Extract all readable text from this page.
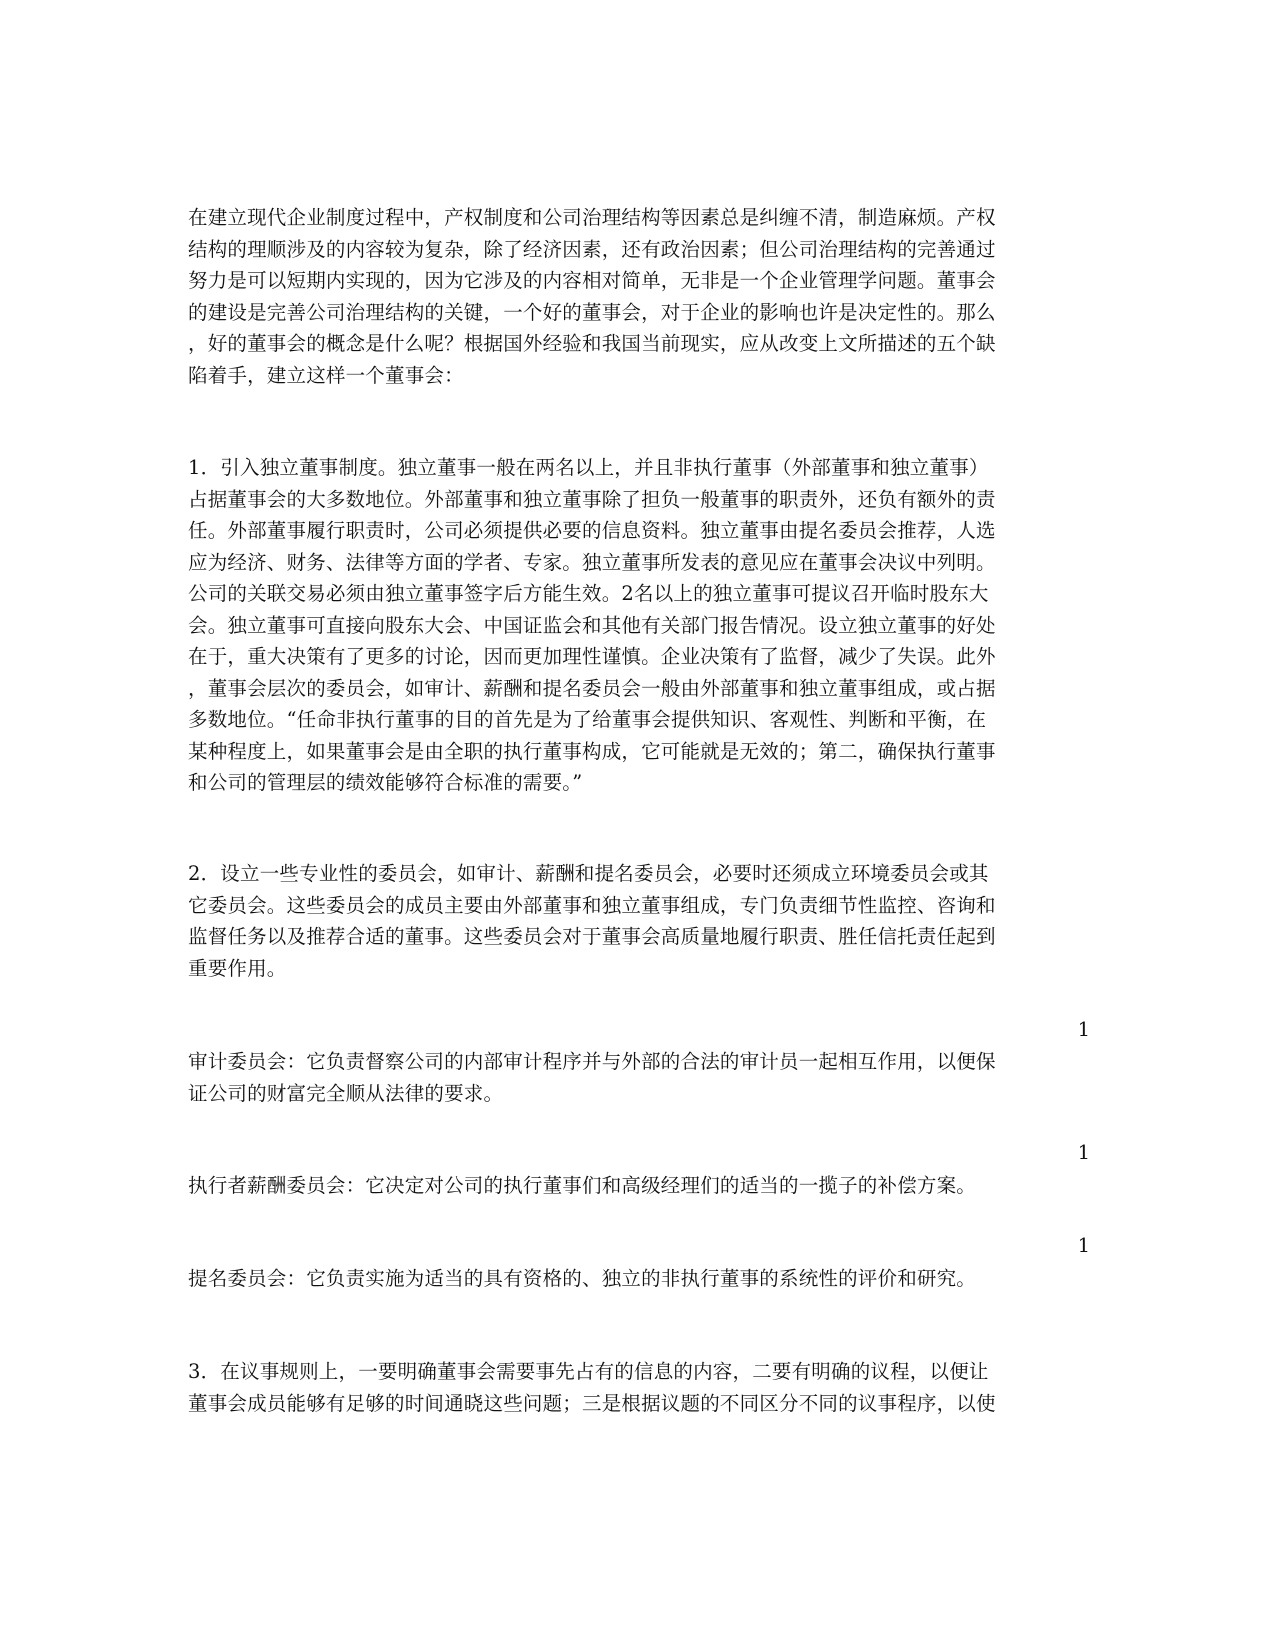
在建立现代企业制度过程中，产权制度和公司治理结构等因素总是纠缠不清，制造麻烦。产权
结构的理顺涉及的内容较为复杂，除了经济因素，还有政治因素；但公司治理结构的完善通过
努力是可以短期内实现的，因为它涉及的内容相对简单，无非是一个企业管理学问题。董事会
的建设是完善公司治理结构的关键，一个好的董事会，对于企业的影响也许是决定性的。那么
，好的董事会的概念是什么呢？根据国外经验和我国当前现实，应从改变上文所描述的五个缺
陷着手，建立这样一个董事会：
1．引入独立董事制度。独立董事一般在两名以上，并且非执行董事（外部董事和独立董事）
占据董事会的大多数地位。外部董事和独立董事除了担负一般董事的职责外，还负有额外的责
任。外部董事履行职责时，公司必须提供必要的信息资料。独立董事由提名委员会推荐，人选
应为经济、财务、法律等方面的学者、专家。独立董事所发表的意见应在董事会决议中列明。
公司的关联交易必须由独立董事签字后方能生效。2名以上的独立董事可提议召开临时股东大
会。独立董事可直接向股东大会、中国证监会和其他有关部门报告情况。设立独立董事的好处
在于，重大决策有了更多的讨论，因而更加理性谨慎。企业决策有了监督，减少了失误。此外
，董事会层次的委员会，如审计、薪酬和提名委员会一般由外部董事和独立董事组成，或占据
多数地位。“任命非执行董事的目的首先是为了给董事会提供知识、客观性、判断和平衡，在
某种程度上，如果董事会是由全职的执行董事构成，它可能就是无效的；第二，确保执行董事
和公司的管理层的绩效能够符合标准的需要。”
2．设立一些专业性的委员会，如审计、薪酬和提名委员会，必要时还须成立环境委员会或其
它委员会。这些委员会的成员主要由外部董事和独立董事组成，专门负责细节性监控、咨询和
监督任务以及推荐合适的董事。这些委员会对于董事会高质量地履行职责、胜任信托责任起到
重要作用。
1
审计委员会：它负责督察公司的内部审计程序并与外部的合法的审计员一起相互作用，以便保
证公司的财富完全顺从法律的要求。
1
执行者薪酬委员会：它决定对公司的执行董事们和高级经理们的适当的一揽子的补偿方案。
1
提名委员会：它负责实施为适当的具有资格的、独立的非执行董事的系统性的评价和研究。
3．在议事规则上，一要明确董事会需要事先占有的信息的内容，二要有明确的议程，以便让
董事会成员能够有足够的时间通晓这些问题；三是根据议题的不同区分不同的议事程序，以使
